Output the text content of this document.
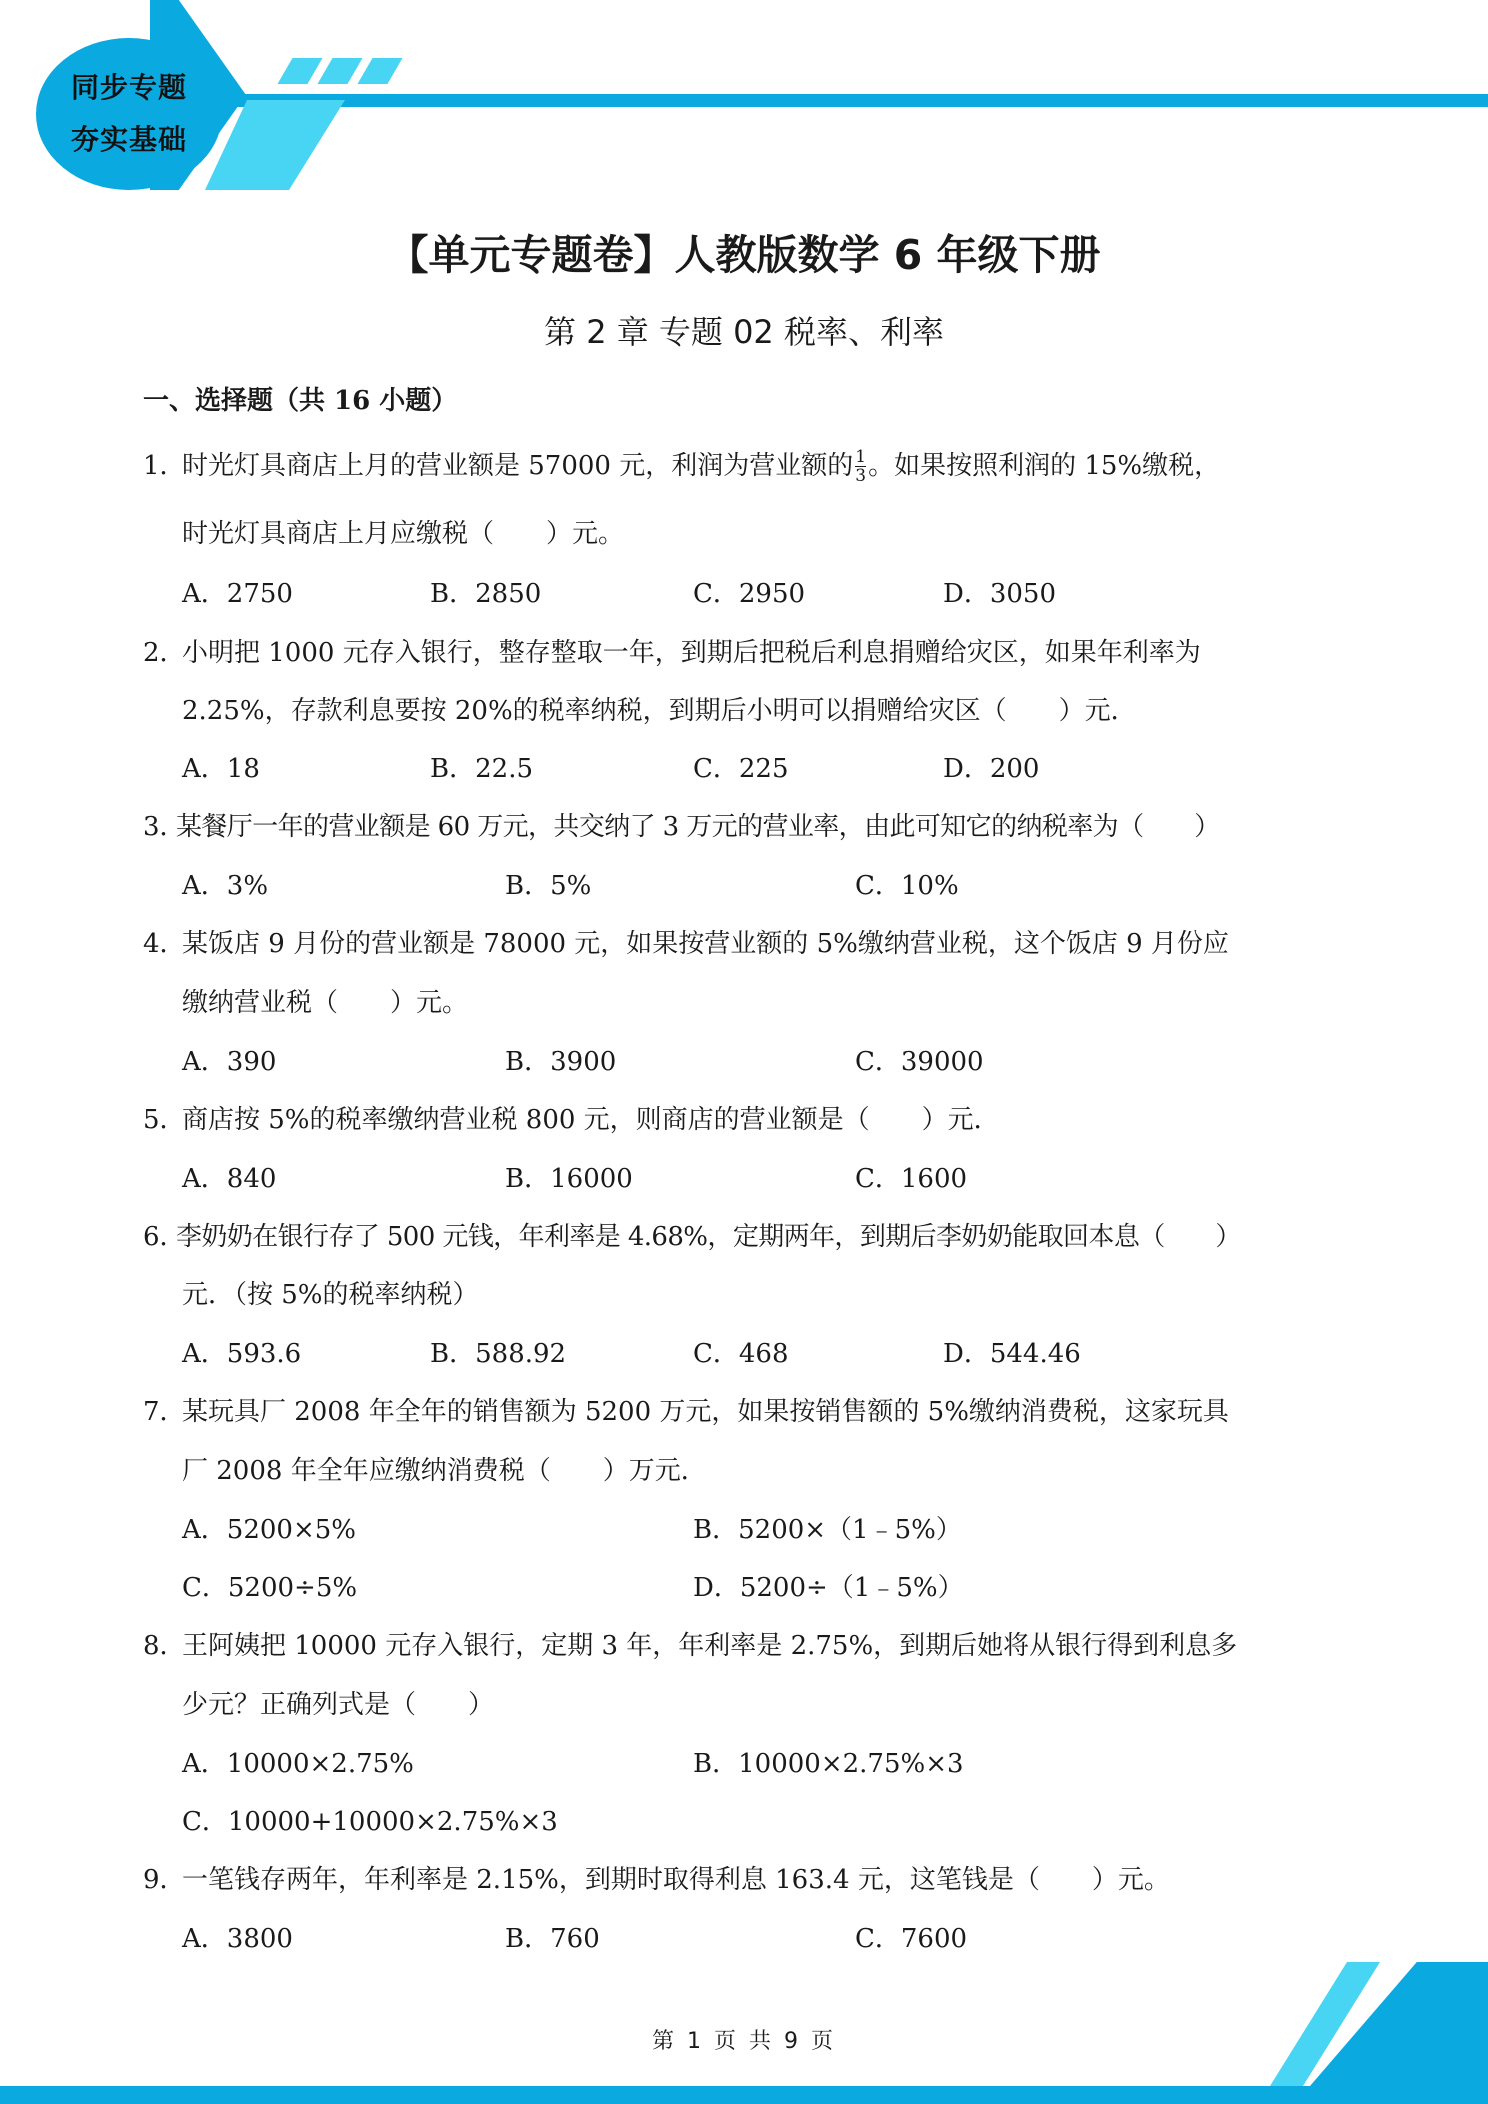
同步专题
夯实基础
【单元专题卷】人教版数学 6 年级下册
第 2 章 专题 02 税率、利率
一、选择题（共 16 小题）
1．
时光灯具商店上月的营业额是 57000 元，利润为营业额的 $\frac{1}{3}$ 。如果按照利润的 15%缴税，
时光灯具商店上月应缴税（　　）元。
A．2750	B．2850	C．2950	D．3050
2．
小明把 1000 元存入银行，整存整取一年，到期后把税后利息捐赠给灾区，如果年利率为
2.25%，存款利息要按 20%的税率纳税，到期后小明可以捐赠给灾区（　　）元．
A．18	B．22.5	C．225	D．200
3．
某餐厅一年的营业额是 60 万元，共交纳了 3 万元的营业率，由此可知它的纳税率为（　　）
A．3%	B．5%	C．10%
4．
某饭店 9 月份的营业额是 78000 元，如果按营业额的 5%缴纳营业税，这个饭店 9 月份应
缴纳营业税（　　）元。
A．390	B．3900	C．39000
5．
商店按 5%的税率缴纳营业税 800 元，则商店的营业额是（　　）元．
A．840	B．16000	C．1600
6．
李奶奶在银行存了 500 元钱，年利率是 4.68%，定期两年，到期后李奶奶能取回本息（　　）
元．（按 5%的税率纳税）
A．593.6	B．588.92	C．468	D．544.46
7．
某玩具厂 2008 年全年的销售额为 5200 万元，如果按销售额的 5%缴纳消费税，这家玩具
厂 2008 年全年应缴纳消费税（　　）万元．
A．5200×5%	B．5200×（1﹣5%）
C．5200÷5%	D．5200÷（1﹣5%）
8．
王阿姨把 10000 元存入银行，定期 3 年，年利率是 2.75%，到期后她将从银行得到利息多
少元？正确列式是（　　）
A．10000×2.75%	B．10000×2.75%×3
C．10000+10000×2.75%×3
9．
一笔钱存两年，年利率是 2.15%，到期时取得利息 163.4 元，这笔钱是（　　）元。
A．3800	B．760	C．7600
第 1 页 共 9 页
